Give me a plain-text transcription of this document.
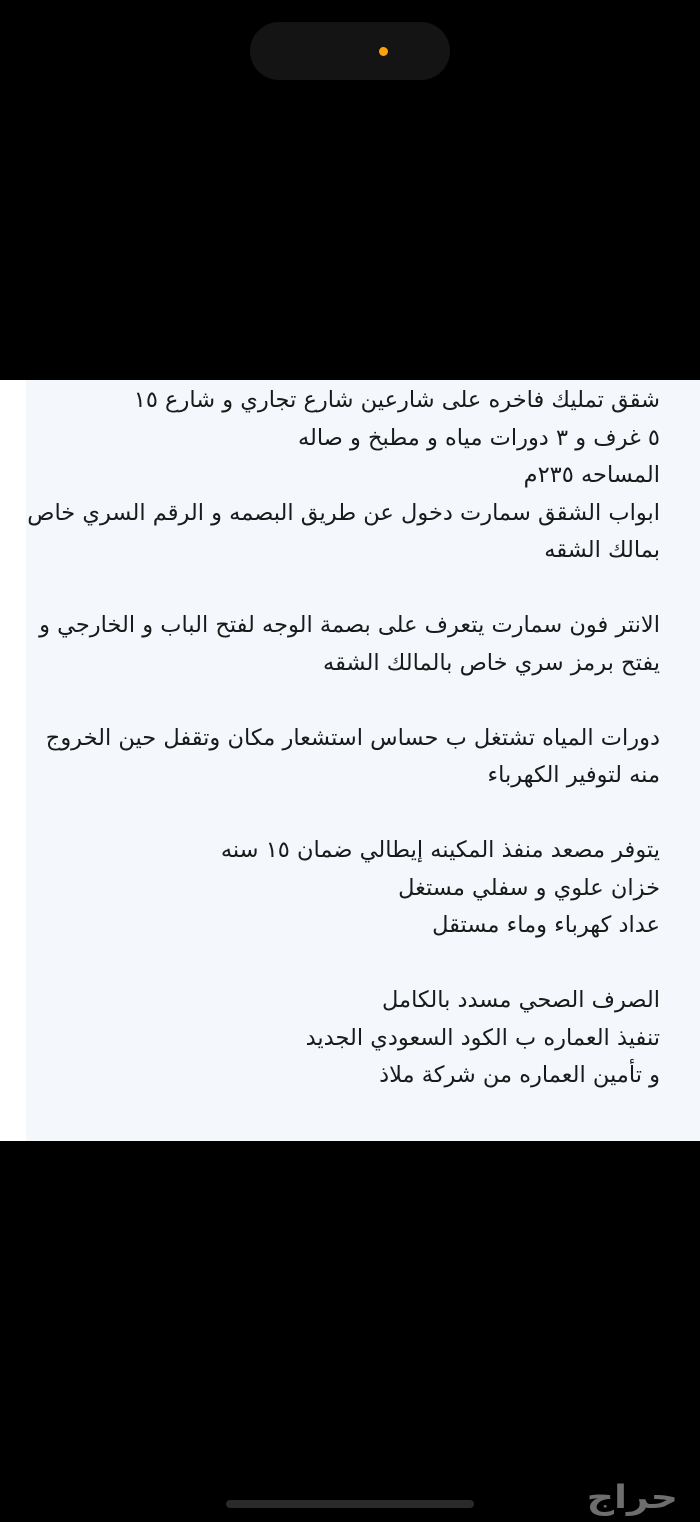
شقق تمليك فاخره على شارعين شارع تجاري و شارع ١٥
٥ غرف و ٣ دورات مياه و مطبخ و صاله
المساحه ٢٣٥م
ابواب الشقق سمارت دخول عن طريق البصمه و الرقم السري خاص
بمالك الشقه
الانتر فون سمارت يتعرف على بصمة الوجه لفتح الباب و الخارجي و
يفتح برمز سري خاص بالمالك الشقه
دورات المياه تشتغل ب حساس استشعار مكان وتقفل حين الخروج
منه لتوفير الكهرباء
يتوفر مصعد منفذ المكينه إيطالي ضمان ١٥ سنه
خزان علوي و سفلي مستغل
عداد كهرباء وماء مستقل
الصرف الصحي مسدد بالكامل
تنفيذ العماره ب الكود السعودي الجديد
و تأمين العماره من شركة ملاذ
حراج
